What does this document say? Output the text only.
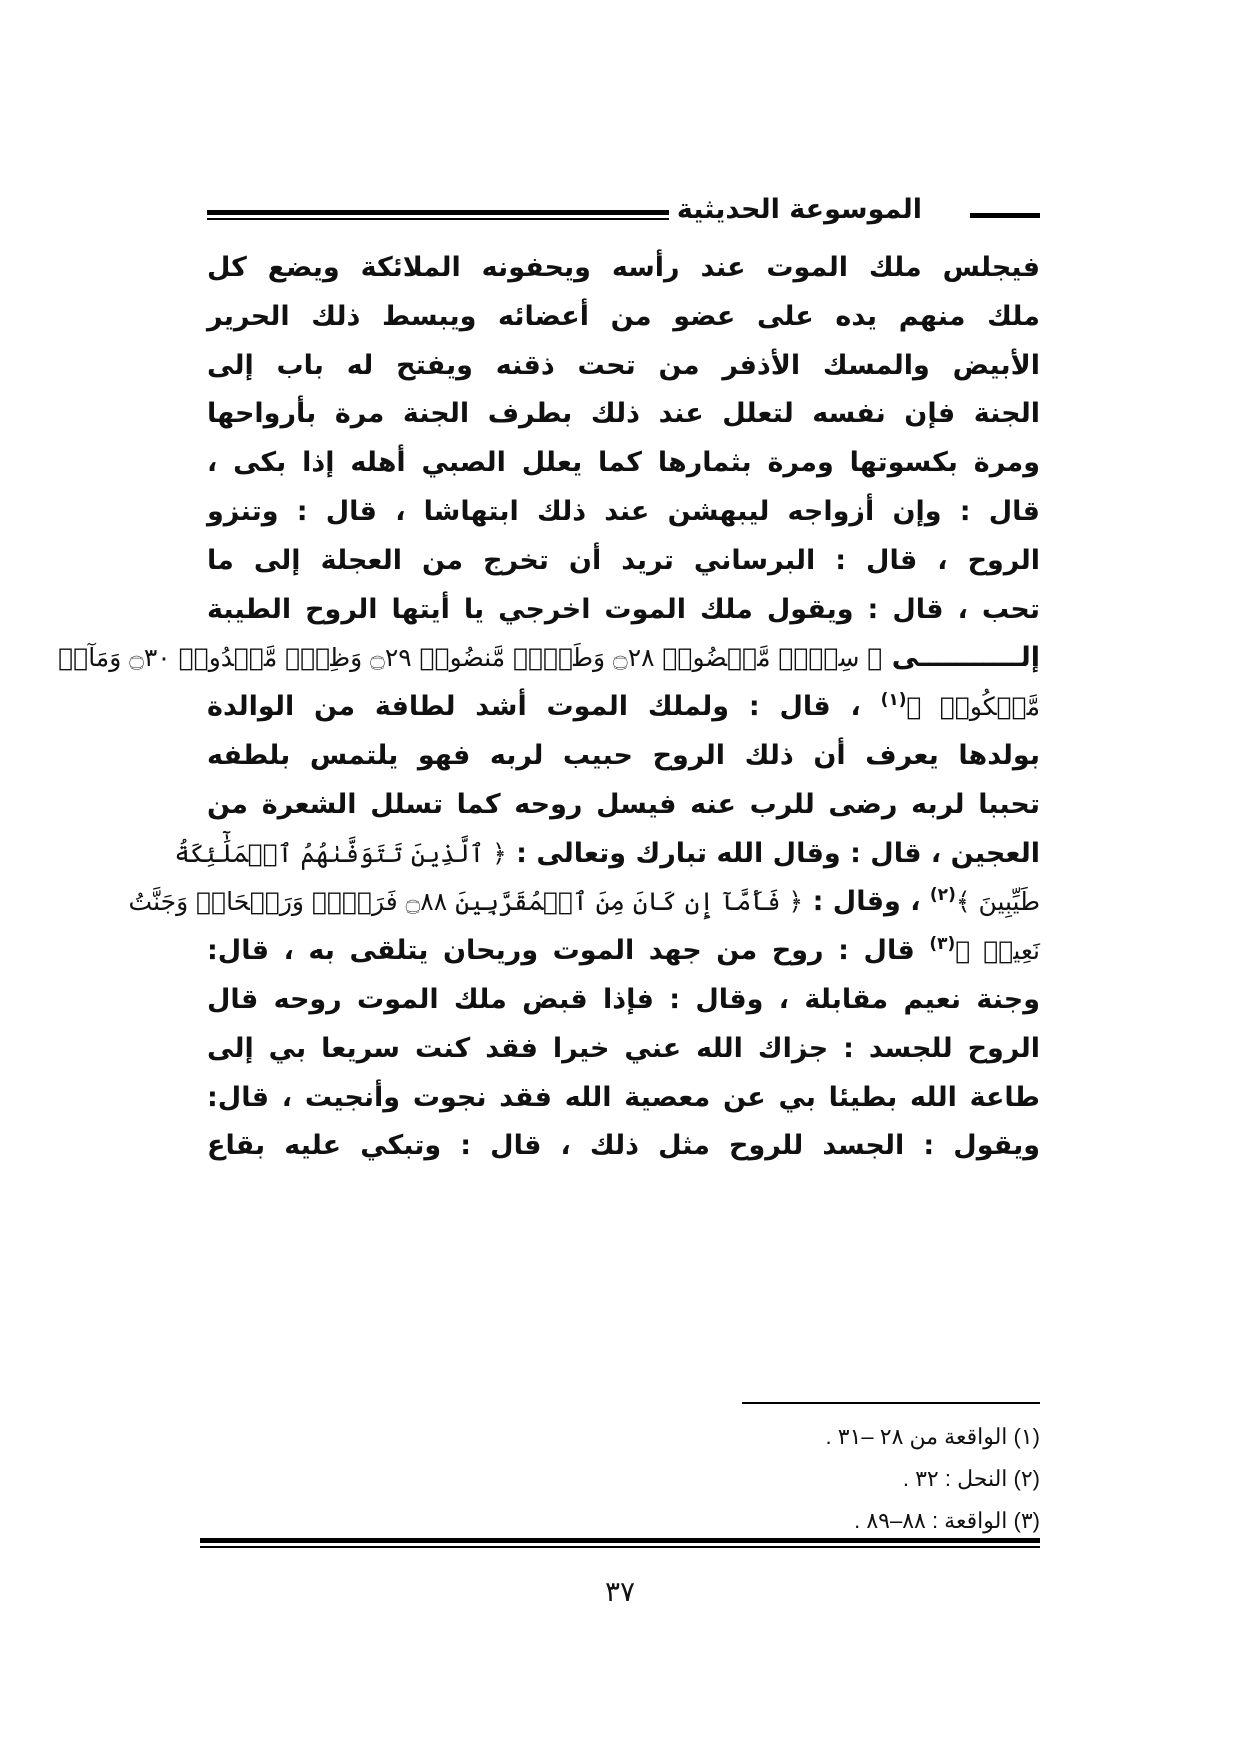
الموسوعة الحديثية
فيجلس ملك الموت عند رأسه ويحفونه الملائكة ويضع كل
ملك منهم يده على عضو من أعضائه ويبسط ذلك الحرير
الأبيض والمسك الأذفر من تحت ذقنه ويفتح له باب إلى
الجنة فإن نفسه لتعلل عند ذلك بطرف الجنة مرة بأرواحها
ومرة بكسوتها ومرة بثمارها كما يعلل الصبي أهله إذا بكى ،
قال : وإن أزواجه ليبهشن عند ذلك ابتهاشا ، قال : وتنزو
الروح ، قال : البرساني تريد أن تخرج من العجلة إلى ما
تحب ، قال : ويقول ملك الموت اخرجي يا أيتها الروح الطيبة
إلـــــــــــى ﴿ سِدۡرٖ مَّخۡضُودٖ ۝٢٨ وَطَلۡحٖ مَّنضُودٖ ۝٢٩ وَظِلّٖ مَّمۡدُودٖ ۝٣٠ وَمَآءٖ
مَّسۡكُوبٖ ﴾$^{(١)}$ ، قال : ولملك الموت أشد لطافة من الوالدة
بولدها يعرف أن ذلك الروح حبيب لربه فهو يلتمس بلطفه
تحببا لربه رضى للرب عنه فيسل روحه كما تسلل الشعرة من
العجين ، قال : وقال الله تبارك وتعالى : ﴿ ٱلَّذِينَ تَتَوَفَّىٰهُمُ ٱلۡمَلَٰٓئِكَةُ
طَيِّبِينَ ﴾$^{(٢)}$ ، وقال : ﴿ فَأَمَّآ إِن كَانَ مِنَ ٱلۡمُقَرَّبِينَ ۝٨٨ فَرَوۡحٞ وَرَيۡحَانٞ وَجَنَّتُ
نَعِيمٖ ﴾$^{(٣)}$ قال : روح من جهد الموت وريحان يتلقى به ، قال:
وجنة نعيم مقابلة ، وقال : فإذا قبض ملك الموت روحه قال
الروح للجسد : جزاك الله عني خيرا فقد كنت سريعا بي إلى
طاعة الله بطيئا بي عن معصية الله فقد نجوت وأنجيت ، قال:
ويقول : الجسد للروح مثل ذلك ، قال : وتبكي عليه بقاع
(١) الواقعة من ٢٨ –٣١ .
(٢) النحل : ٣٢ .
(٣) الواقعة : ٨٨–٨٩ .
٣٧
